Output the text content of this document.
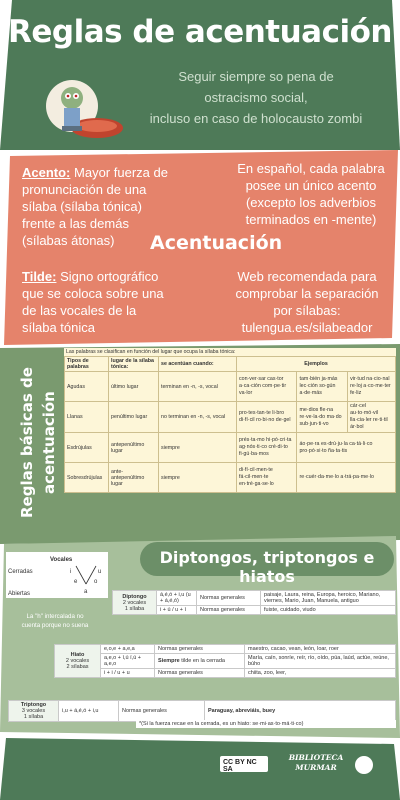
Reglas de acentuación
Seguir siempre so pena de
ostracismo social,
incluso en caso de holocausto zombi
Acento: Mayor fuerza de pronunciación de una sílaba (sílaba tónica) frente a las demás (sílabas átonas)
Tilde: Signo ortográfico que se coloca sobre una de las vocales de la sílaba tónica
En español, cada palabra posee un único acento (excepto los adverbios terminados en -mente)
Acentuación
Web recomendada para comprobar la separación por sílabas: tulengua.es/silabeador
Reglas básicas de acentuación
Las palabras se clasifican en función del lugar que ocupa la sílaba tónica:
Tipos de palabras	lugar de la sílaba tónica:	se acentúan cuando:	Ejemplos		
Agudas	último lugar	terminan en -n, -s, vocal	con·ver·sar cas·tor a·ca·ción com·pe·tir va·lor	tam·bién ja·más lec·ción so·gún a·de·más	vir·tud na·cio·nal re·loj a·co·me·ter fe·liz
Llanas	penúltimo lugar	no terminan en -n, -s, vocal	pro·tes·tan·te li·bro di·fí·cil ro·bi·no de·gel	me·dios fle·na re·ve·la·do ma·do sub·jun·ti·vo	cár·cel au·to·mó·vil lla·cia·ler re·ti·til ár·bol
Esdrújulas	antepenúltimo lugar	siempre	prés·ta·mo hi·pó·cri·ta ag·nós·ti·co cré·di·to fi·gú·ba·mos	áo·pe·ra es·drú·ju·la ca·tá·li·co pro·pó·si·to ña·ta·tis	
Sobresdrújulas	ante-antepenúltimo lugar	siempre	di·fí·cil·men·te fá·cil·men·te en·tré·ga·se·lo	re·cuér·da·me·lo a·trá·pa·me·lo	
Diptongos, triptongos e hiatos
Vocales
Cerradas
Abiertas
i	u
e	o
a
La "h" intercalada no cuenta porque no suena
Diptongo
2 vocales
1 sílaba	á,é,ó + i,u (u + á,é,ó)	Normas generales	paisaje, Laura, reina, Europa, heroico, Mariano, viernes, Mario, Juan, Manuela, antiguo
	i + ú / u + í	Normas generales	fuiste, cuidado, viudo
Hiato
2 vocales
2 sílabas	e,o,e + a,e,a	Normas generales	maestro, cacao, vean, león, loar, roer
	a,e,o + í,ú í,ú + a,e,o	Siempre tilde en la cerrada	María, caín, sonríe, reír, río, oído, púa, laúd, actúe, reúne, búho
	i + i / u + u	Normas generales	chiita, zoo, leer,
Triptongo
3 vocales
1 sílaba	i,u + á,é,ó + i,u	Normas generales	Paraguay, abreviáis, buey
*(Si la fuerza recae en la cerrada, es un hiato: se·mi·as·to·má·ti·co)
CC BY NC SA
BIBLIOTECA
MURMAR
